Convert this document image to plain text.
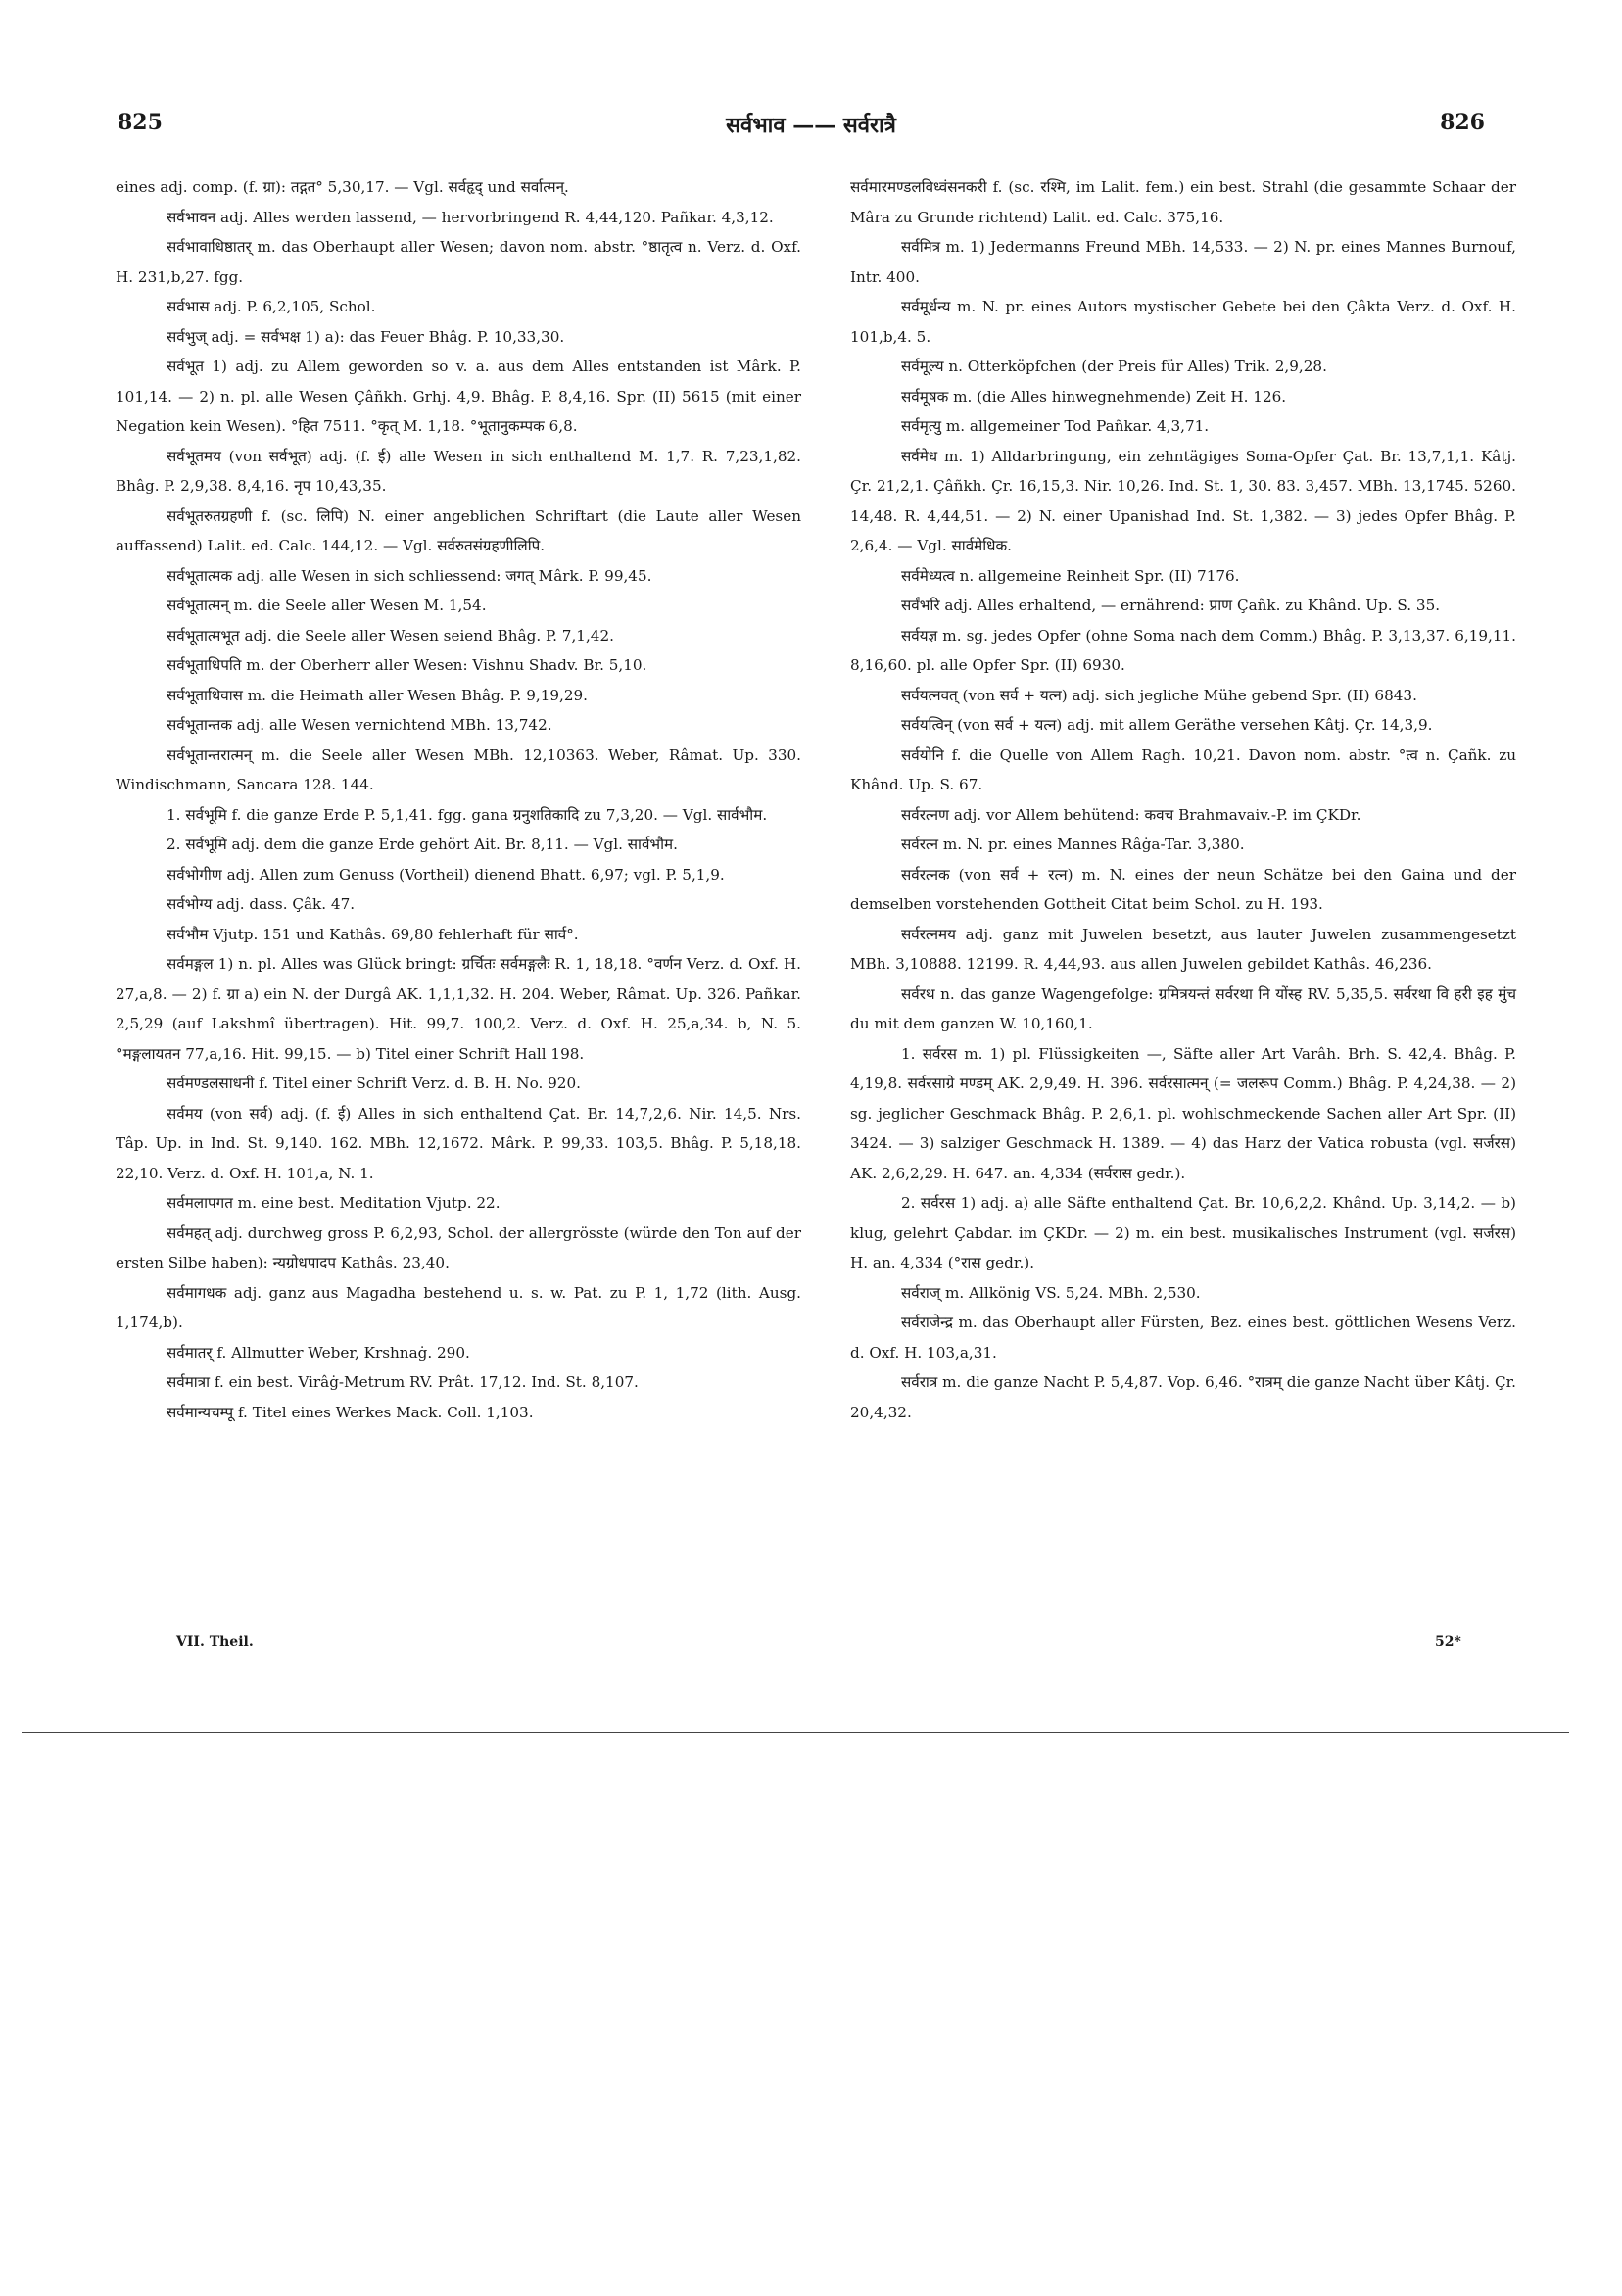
825	सर्वभाव —— सर्वरात्रै	826

eines adj. comp. (f. ग्रा): तद्गत° 5,30,17. — Vgl. सर्वहृद् und सर्वात्मन्.

सर्वभावन adj. Alles werden lassend, — hervorbringend R. 4,44,120. Pañkar. 4,3,12.

सर्वभावाधिष्ठातर् m. das Oberhaupt aller Wesen; davon nom. abstr. °ष्ठातृत्व n. Verz. d. Oxf. H. 231,b,27. fgg.

सर्वभास adj. P. 6,2,105, Schol.

सर्वभुज् adj. = सर्वभक्ष 1) a): das Feuer Bhâg. P. 10,33,30.

सर्वभूत 1) adj. zu Allem geworden so v. a. aus dem Alles entstanden ist Mârk. P. 101,14. — 2) n. pl. alle Wesen Çâñkh. Grhj. 4,9. Bhâg. P. 8,4,16. Spr. (II) 5615 (mit einer Negation kein Wesen). °हित 7511. °कृत् M. 1,18. °भूतानुकम्पक 6,8.

सर्वभूतमय (von सर्वभूत) adj. (f. ई) alle Wesen in sich enthaltend M. 1,7. R. 7,23,1,82. Bhâg. P. 2,9,38. 8,4,16. नृप 10,43,35.

सर्वभूतरुतग्रहणी f. (sc. लिपि) N. einer angeblichen Schriftart (die Laute aller Wesen auffassend) Lalit. ed. Calc. 144,12. — Vgl. सर्वरुतसंग्रहणीलिपि.

सर्वभूतात्मक adj. alle Wesen in sich schliessend: जगत् Mârk. P. 99,45.

सर्वभूतात्मन् m. die Seele aller Wesen M. 1,54.

सर्वभूतात्मभूत adj. die Seele aller Wesen seiend Bhâg. P. 7,1,42.

सर्वभूताधिपति m. der Oberherr aller Wesen: Vishnu Shadv. Br. 5,10.

सर्वभूताधिवास m. die Heimath aller Wesen Bhâg. P. 9,19,29.

सर्वभूतान्तक adj. alle Wesen vernichtend MBh. 13,742.

सर्वभूतान्तरात्मन् m. die Seele aller Wesen MBh. 12,10363. Weber, Râmat. Up. 330. Windischmann, Sancara 128. 144.

1. सर्वभूमि f. die ganze Erde P. 5,1,41. fgg. gana ग्रनुशतिकादि zu 7,3,20. — Vgl. सार्वभौम.

2. सर्वभूमि adj. dem die ganze Erde gehört Ait. Br. 8,11. — Vgl. सार्वभौम.

सर्वभोगीण adj. Allen zum Genuss (Vortheil) dienend Bhatt. 6,97; vgl. P. 5,1,9.

सर्वभोग्य adj. dass. Çâk. 47.

सर्वभौम Vjutp. 151 und Kathâs. 69,80 fehlerhaft für सार्व°.

सर्वमङ्गल 1) n. pl. Alles was Glück bringt: ग्रर्चितः सर्वमङ्गलैः R. 1, 18,18. °वर्णन Verz. d. Oxf. H. 27,a,8. — 2) f. ग्रा a) ein N. der Durgâ AK. 1,1,1,32. H. 204. Weber, Râmat. Up. 326. Pañkar. 2,5,29 (auf Lakshmî übertragen). Hit. 99,7. 100,2. Verz. d. Oxf. H. 25,a,34. b, N. 5. °मङ्गलायतन 77,a,16. Hit. 99,15. — b) Titel einer Schrift Hall 198.

सर्वमण्डलसाधनी f. Titel einer Schrift Verz. d. B. H. No. 920.

सर्वमय (von सर्व) adj. (f. ई) Alles in sich enthaltend Çat. Br. 14,7,2,6. Nir. 14,5. Nrs. Tâp. Up. in Ind. St. 9,140. 162. MBh. 12,1672. Mârk. P. 99,33. 103,5. Bhâg. P. 5,18,18. 22,10. Verz. d. Oxf. H. 101,a, N. 1.

सर्वमलापगत m. eine best. Meditation Vjutp. 22.

सर्वमहत् adj. durchweg gross P. 6,2,93, Schol. der allergrösste (würde den Ton auf der ersten Silbe haben): न्यग्रोधपादप Kathâs. 23,40.

सर्वमागधक adj. ganz aus Magadha bestehend u. s. w. Pat. zu P. 1, 1,72 (lith. Ausg. 1,174,b).

सर्वमातर् f. Allmutter Weber, Krshnaġ. 290.

सर्वमात्रा f. ein best. Virâġ-Metrum RV. Prât. 17,12. Ind. St. 8,107.

सर्वमान्यचम्पू f. Titel eines Werkes Mack. Coll. 1,103.

सर्वमारमण्डलविध्वंसनकरी f. (sc. रश्मि, im Lalit. fem.) ein best. Strahl (die gesammte Schaar der Mâra zu Grunde richtend) Lalit. ed. Calc. 375,16.

सर्वमित्र m. 1) Jedermanns Freund MBh. 14,533. — 2) N. pr. eines Mannes Burnouf, Intr. 400.

सर्वमूर्धन्य m. N. pr. eines Autors mystischer Gebete bei den Çâkta Verz. d. Oxf. H. 101,b,4. 5.

सर्वमूल्य n. Otterköpfchen (der Preis für Alles) Trik. 2,9,28.

सर्वमूषक m. (die Alles hinwegnehmende) Zeit H. 126.

सर्वमृत्यु m. allgemeiner Tod Pañkar. 4,3,71.

सर्वमेध m. 1) Alldarbringung, ein zehntägiges Soma-Opfer Çat. Br. 13,7,1,1. Kâtj. Çr. 21,2,1. Çâñkh. Çr. 16,15,3. Nir. 10,26. Ind. St. 1, 30. 83. 3,457. MBh. 13,1745. 5260. 14,48. R. 4,44,51. — 2) N. einer Upanishad Ind. St. 1,382. — 3) jedes Opfer Bhâg. P. 2,6,4. — Vgl. सार्वमेधिक.

सर्वमेध्यत्व n. allgemeine Reinheit Spr. (II) 7176.

सर्वंभरि adj. Alles erhaltend, — ernährend: प्राण Çañk. zu Khând. Up. S. 35.

सर्वयज्ञ m. sg. jedes Opfer (ohne Soma nach dem Comm.) Bhâg. P. 3,13,37. 6,19,11. 8,16,60. pl. alle Opfer Spr. (II) 6930.

सर्वयत्नवत् (von सर्व + यत्न) adj. sich jegliche Mühe gebend Spr. (II) 6843.

सर्वयत्विन् (von सर्व + यत्न) adj. mit allem Geräthe versehen Kâtj. Çr. 14,3,9.

सर्वयोनि f. die Quelle von Allem Ragh. 10,21. Davon nom. abstr. °त्व n. Çañk. zu Khând. Up. S. 67.

सर्वरत्नण adj. vor Allem behütend: कवच Brahmavaiv.-P. im ÇKDr.

सर्वरत्न m. N. pr. eines Mannes Râġa-Tar. 3,380.

सर्वरत्नक (von सर्व + रत्न) m. N. eines der neun Schätze bei den Gaina und der demselben vorstehenden Gottheit Citat beim Schol. zu H. 193.

सर्वरत्नमय adj. ganz mit Juwelen besetzt, aus lauter Juwelen zusammengesetzt MBh. 3,10888. 12199. R. 4,44,93. aus allen Juwelen gebildet Kathâs. 46,236.

सर्वरथ n. das ganze Wagengefolge: ग्रमित्रयन्तं सर्वरथा नि योंस्ह RV. 5,35,5. सर्वरथा वि हरी इह मुंच du mit dem ganzen W. 10,160,1.

1. सर्वरस m. 1) pl. Flüssigkeiten —, Säfte aller Art Varâh. Brh. S. 42,4. Bhâg. P. 4,19,8. सर्वरसाग्रे मण्डम् AK. 2,9,49. H. 396. सर्वरसात्मन् (= जलरूप Comm.) Bhâg. P. 4,24,38. — 2) sg. jeglicher Geschmack Bhâg. P. 2,6,1. pl. wohlschmeckende Sachen aller Art Spr. (II) 3424. — 3) salziger Geschmack H. 1389. — 4) das Harz der Vatica robusta (vgl. सर्जरस) AK. 2,6,2,29. H. 647. an. 4,334 (सर्वरास gedr.).

2. सर्वरस 1) adj. a) alle Säfte enthaltend Çat. Br. 10,6,2,2. Khând. Up. 3,14,2. — b) klug, gelehrt Çabdar. im ÇKDr. — 2) m. ein best. musikalisches Instrument (vgl. सर्जरस) H. an. 4,334 (°रास gedr.).

सर्वराज् m. Allkönig VS. 5,24. MBh. 2,530.

सर्वराजेन्द्र m. das Oberhaupt aller Fürsten, Bez. eines best. göttlichen Wesens Verz. d. Oxf. H. 103,a,31.

सर्वरात्र m. die ganze Nacht P. 5,4,87. Vop. 6,46. °रात्रम् die ganze Nacht über Kâtj. Çr. 20,4,32.

VII. Theil.	52*
